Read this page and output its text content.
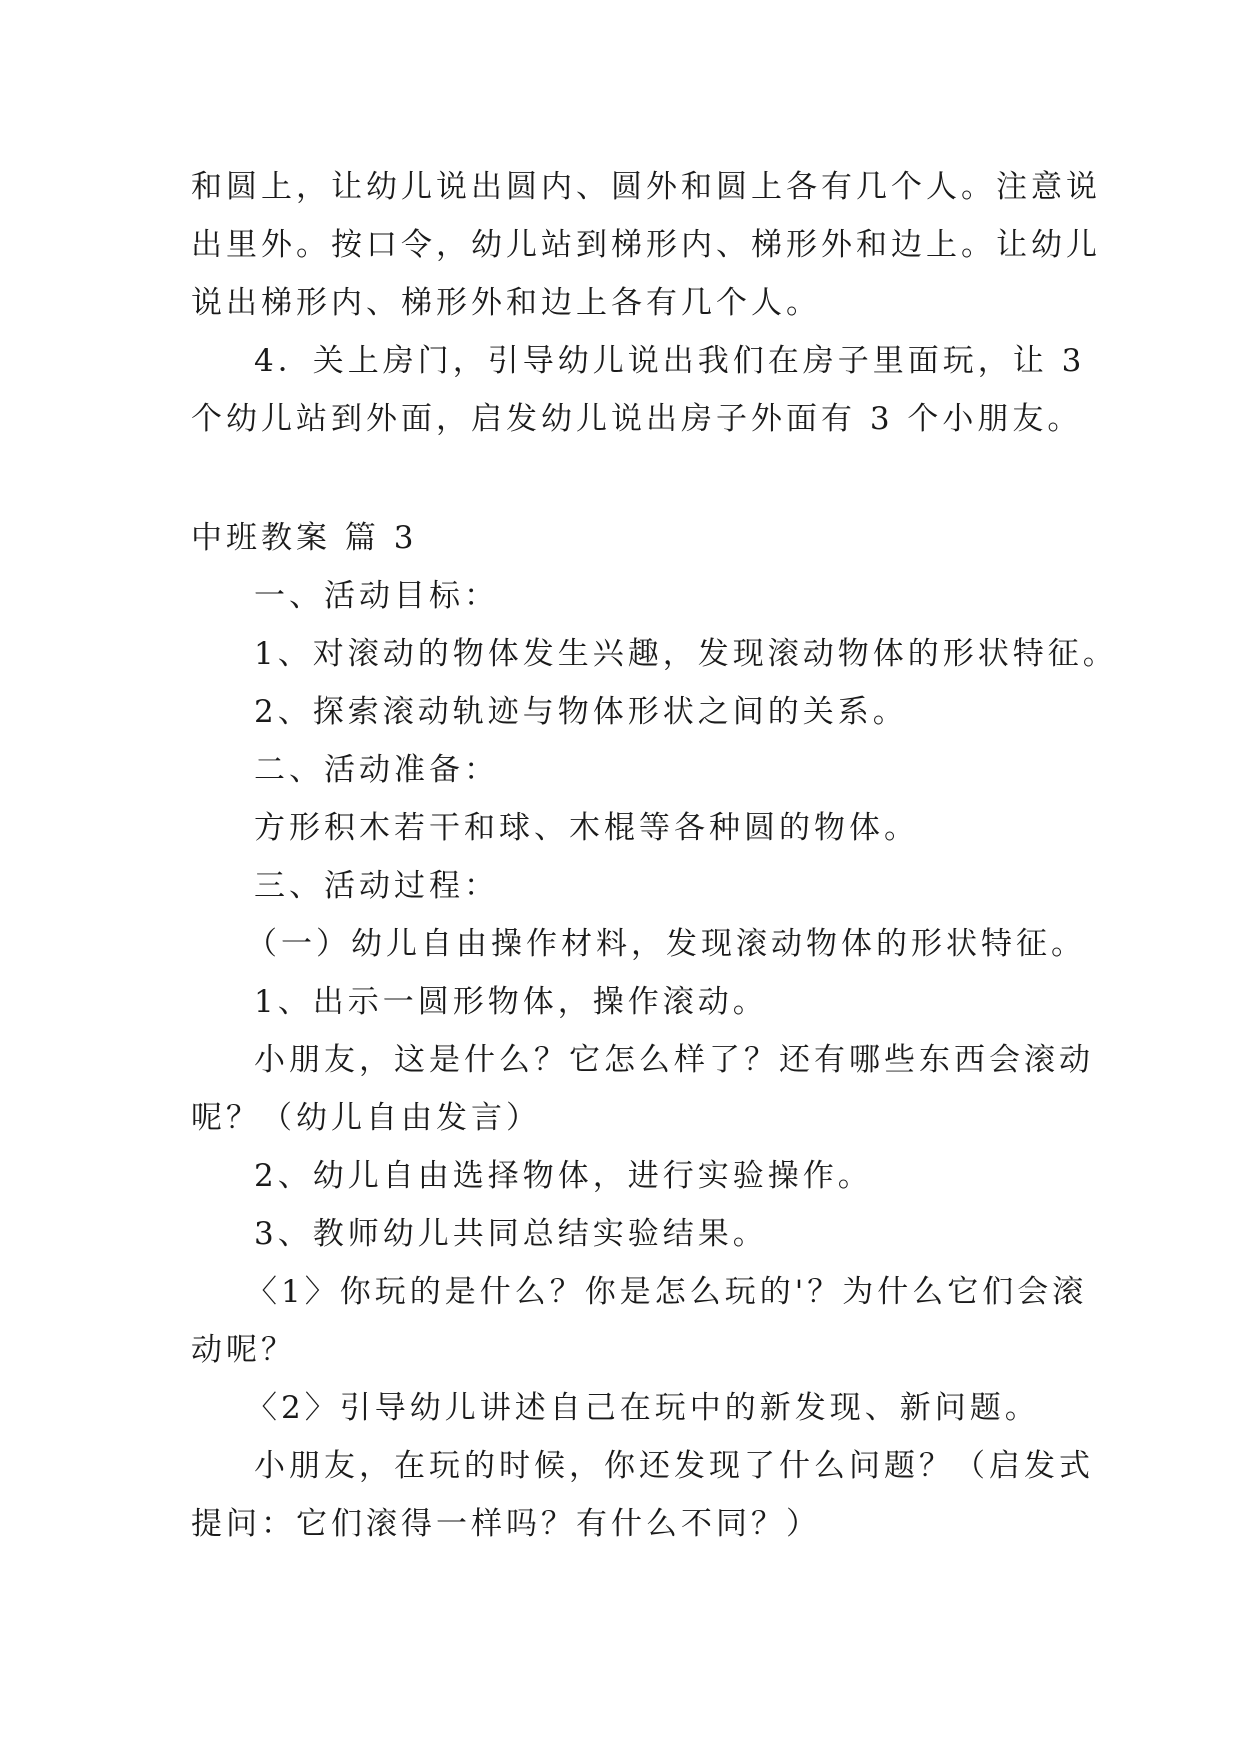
和圆上，让幼儿说出圆内、圆外和圆上各有几个人。注意说
出里外。按口令，幼儿站到梯形内、梯形外和边上。让幼儿
说出梯形内、梯形外和边上各有几个人。
4．关上房门，引导幼儿说出我们在房子里面玩，让 3
个幼儿站到外面，启发幼儿说出房子外面有 3 个小朋友。
中班教案 篇 3
一、活动目标：
1、对滚动的物体发生兴趣，发现滚动物体的形状特征。
2、探索滚动轨迹与物体形状之间的关系。
二、活动准备：
方形积木若干和球、木棍等各种圆的物体。
三、活动过程：
（一）幼儿自由操作材料，发现滚动物体的形状特征。
1、出示一圆形物体，操作滚动。
小朋友，这是什么？它怎么样了？还有哪些东西会滚动
呢？（幼儿自由发言）
2、幼儿自由选择物体，进行实验操作。
3、教师幼儿共同总结实验结果。
〈1〉你玩的是什么？你是怎么玩的'？为什么它们会滚
动呢？
〈2〉引导幼儿讲述自己在玩中的新发现、新问题。
小朋友，在玩的时候，你还发现了什么问题？（启发式
提问：它们滚得一样吗？有什么不同？）
